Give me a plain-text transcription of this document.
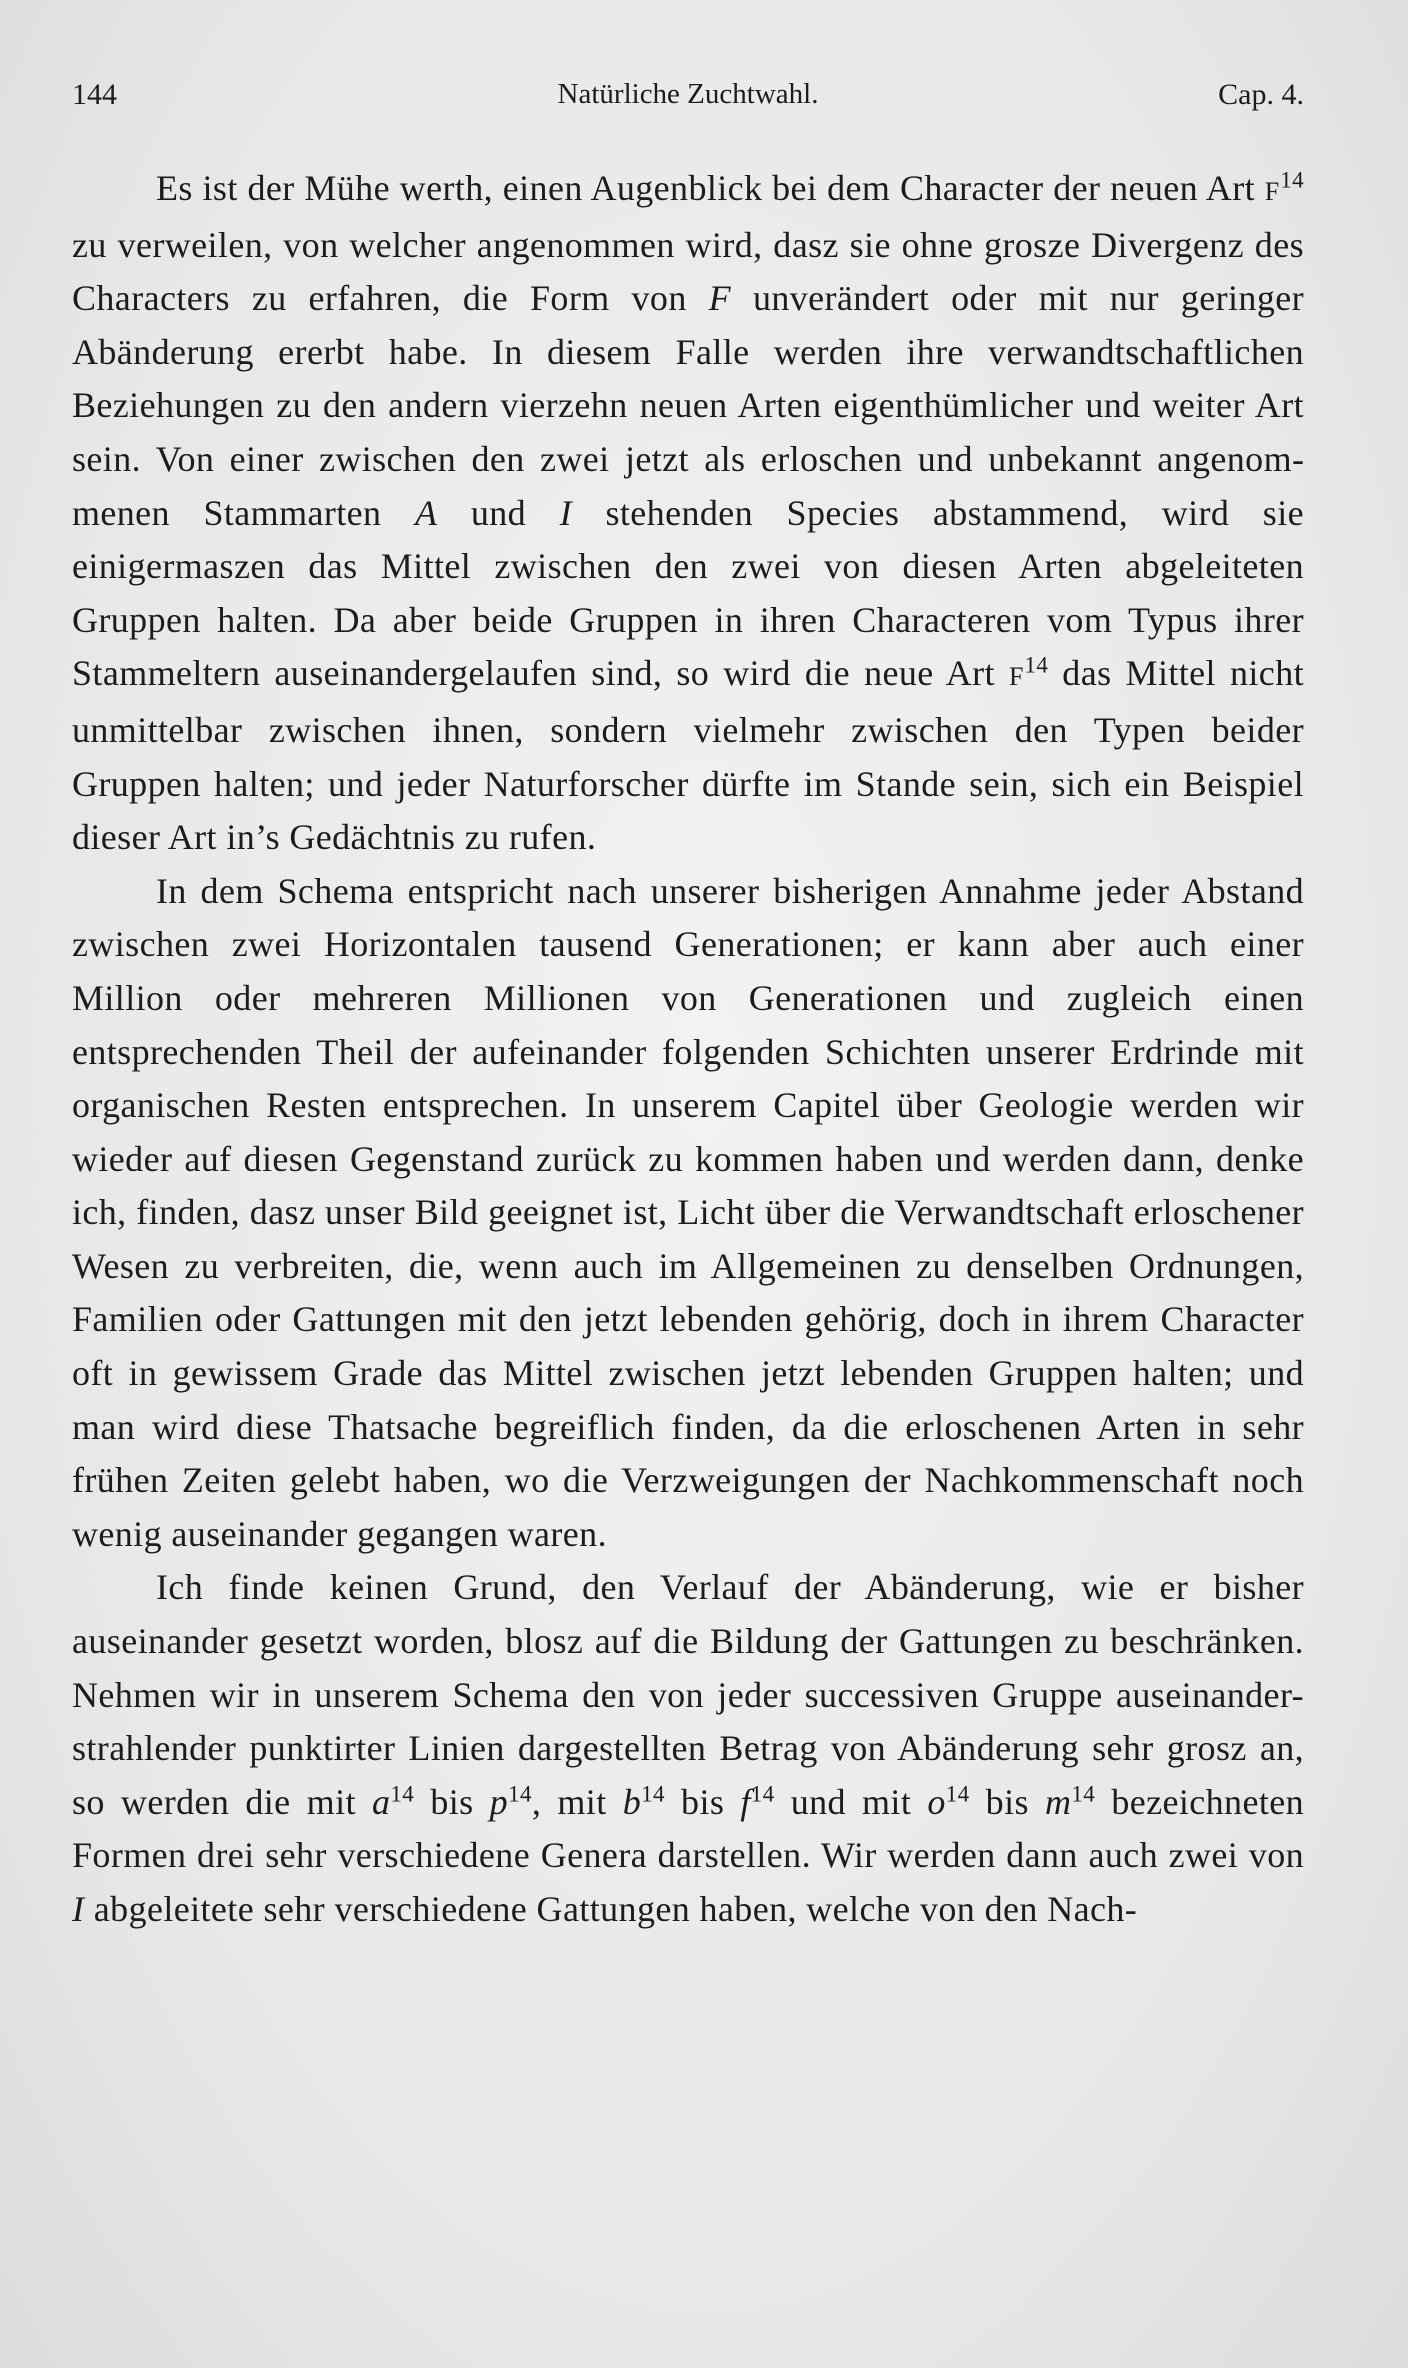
144	Natürliche Zuchtwahl.	Cap. 4.

Es ist der Mühe werth, einen Augenblick bei dem Character der neuen Art $F^{14}$ zu verweilen, von welcher angenommen wird, dasz sie ohne grosze Divergenz des Characters zu erfahren, die Form von F unverändert oder mit nur geringer Abänderung ererbt habe. In diesem Falle werden ihre verwandtschaftlichen Beziehungen zu den andern vierzehn neuen Arten eigenthümlicher und weiter Art sein. Von einer zwischen den zwei jetzt als erloschen und unbekannt angenommenen Stammarten A und I stehenden Species abstammend, wird sie einigermaszen das Mittel zwischen den zwei von diesen Arten abgeleiteten Gruppen halten. Da aber beide Gruppen in ihren Characteren vom Typus ihrer Stammeltern auseinandergelaufen sind, so wird die neue Art $F^{14}$ das Mittel nicht unmittelbar zwischen ihnen, sondern vielmehr zwischen den Typen beider Gruppen halten; und jeder Naturforscher dürfte im Stande sein, sich ein Beispiel dieser Art in’s Gedächtnis zu rufen.

In dem Schema entspricht nach unserer bisherigen Annahme jeder Abstand zwischen zwei Horizontalen tausend Generationen; er kann aber auch einer Million oder mehreren Millionen von Generationen und zugleich einen entsprechenden Theil der aufeinander folgenden Schichten unserer Erdrinde mit organischen Resten entsprechen. In unserem Capitel über Geologie werden wir wieder auf diesen Gegenstand zurück zu kommen haben und werden dann, denke ich, finden, dasz unser Bild geeignet ist, Licht über die Verwandtschaft erloschener Wesen zu verbreiten, die, wenn auch im Allgemeinen zu denselben Ordnungen, Familien oder Gattungen mit den jetzt lebenden gehörig, doch in ihrem Character oft in gewissem Grade das Mittel zwischen jetzt lebenden Gruppen halten; und man wird diese Thatsache begreiflich finden, da die erloschenen Arten in sehr frühen Zeiten gelebt haben, wo die Verzweigungen der Nachkommenschaft noch wenig auseinander gegangen waren.

Ich finde keinen Grund, den Verlauf der Abänderung, wie er bisher auseinander gesetzt worden, blosz auf die Bildung der Gattungen zu beschränken. Nehmen wir in unserem Schema den von jeder successiven Gruppe auseinander-strahlender punktirter Linien dargestellten Betrag von Abänderung sehr grosz an, so werden die mit $a^{14}$ bis $p^{14}$, mit $b^{14}$ bis $f^{14}$ und mit $o^{14}$ bis $m^{14}$ bezeichneten Formen drei sehr verschiedene Genera darstellen. Wir werden dann auch zwei von I abgeleitete sehr verschiedene Gattungen haben, welche von den Nach-
